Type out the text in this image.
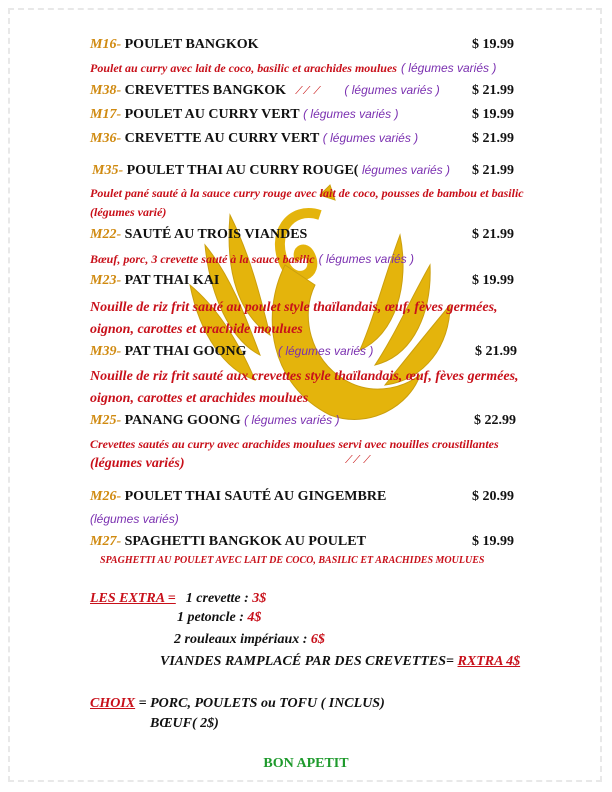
M16- POULET BANGKOK	$ 19.99
Poulet au curry avec lait de coco, basilic et arachides moulues ( légumes variés )
M38- CREVETTES BANGKOK   ⟋⟋ ⟋ ( légumes variés ) $ 21.99
M17- POULET AU CURRY VERT ( légumes variés )	$ 19.99
M36- CREVETTE AU CURRY VERT ( légumes variés )	$ 21.99
M35- POULET THAI AU CURRY ROUGE( légumes variés ) $ 21.99
Poulet pané sauté à la sauce curry rouge avec lait de coco, pousses de bambou et basilic
(légumes varié)
M22- SAUTÉ AU TROIS VIANDES	$ 21.99
Bœuf, porc, 3 crevette sauté à la sauce basilic ( légumes variés )
M23- PAT THAI KAI	$ 19.99
Nouille de riz frit sauté au poulet style thaïlandais, œuf, fèves germées,
oignon, carottes et arachide moulues
M39- PAT THAI GOONG	( légumes variés )	$ 21.99
Nouille de riz frit sauté aux crevettes style thaïlandais, œuf, fèves germées,
oignon, carottes et arachides moulues
M25- PANANG GOONG ( légumes variés )	$ 22.99
Crevettes sautés au curry avec arachides moulues servi avec nouilles croustillantes
(légumes variés)	⟋⟋ ⟋
M26- POULET THAI SAUTÉ AU GINGEMBRE	$ 20.99
(légumes variés)
M27- SPAGHETTI BANGKOK AU POULET	$ 19.99
SPAGHETTI AU POULET AVEC LAIT DE COCO, BASILIC ET ARACHIDES MOULUES
LES EXTRA = 1 crevette : 3$
1 petoncle : 4$
2 rouleaux impériaux : 6$
VIANDES RAMPLACÉ PAR DES CREVETTES= RXTRA 4$
CHOIX = PORC, POULETS ou TOFU ( INCLUS)
BŒUF( 2$)
BON APETIT
